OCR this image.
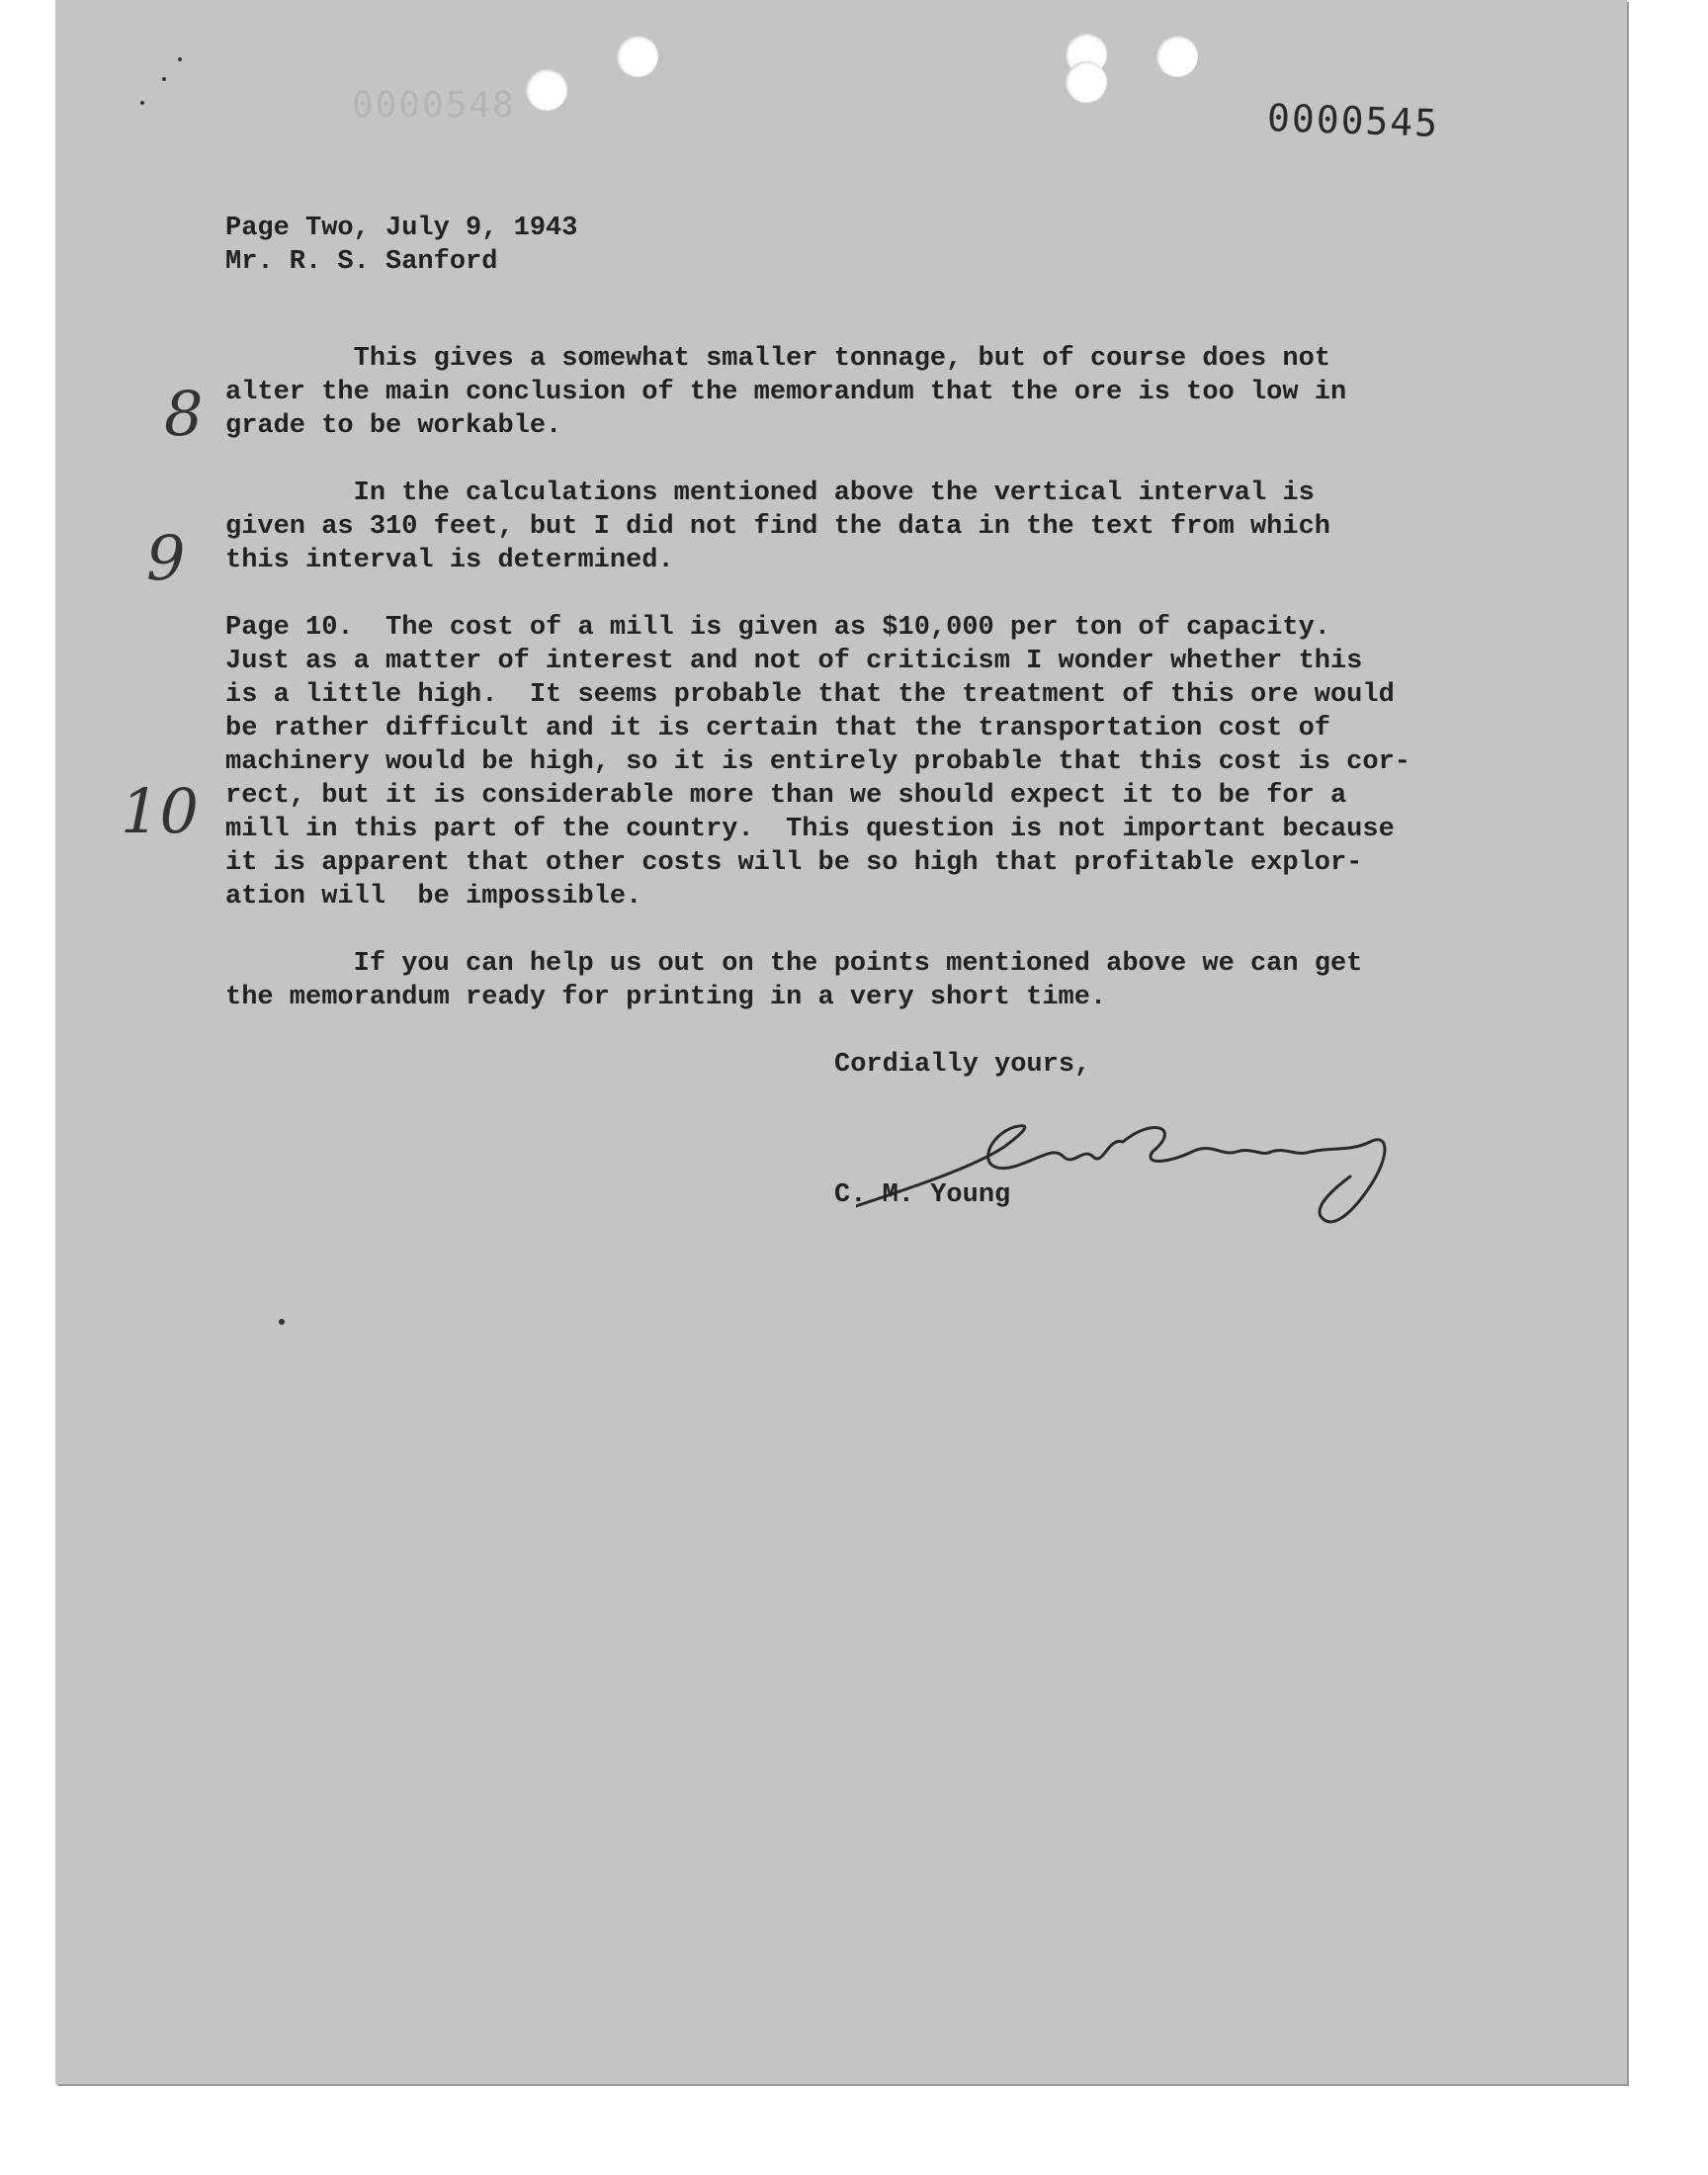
0000548	0000545
Page Two, July 9, 1943
Mr. R. S. Sanford
This gives a somewhat smaller tonnage, but of course does not
alter the main conclusion of the memorandum that the ore is too low in
grade to be workable.
In the calculations mentioned above the vertical interval is
given as 310 feet, but I did not find the data in the text from which
this interval is determined.
Page 10.  The cost of a mill is given as $10,000 per ton of capacity.
Just as a matter of interest and not of criticism I wonder whether this
is a little high.  It seems probable that the treatment of this ore would
be rather difficult and it is certain that the transportation cost of
machinery would be high, so it is entirely probable that this cost is cor-
rect, but it is considerable more than we should expect it to be for a
mill in this part of the country.  This question is not important because
it is apparent that other costs will be so high that profitable explor-
ation will  be impossible.
If you can help us out on the points mentioned above we can get
the memorandum ready for printing in a very short time.
Cordially yours,
C. M. Young
8
9
10
